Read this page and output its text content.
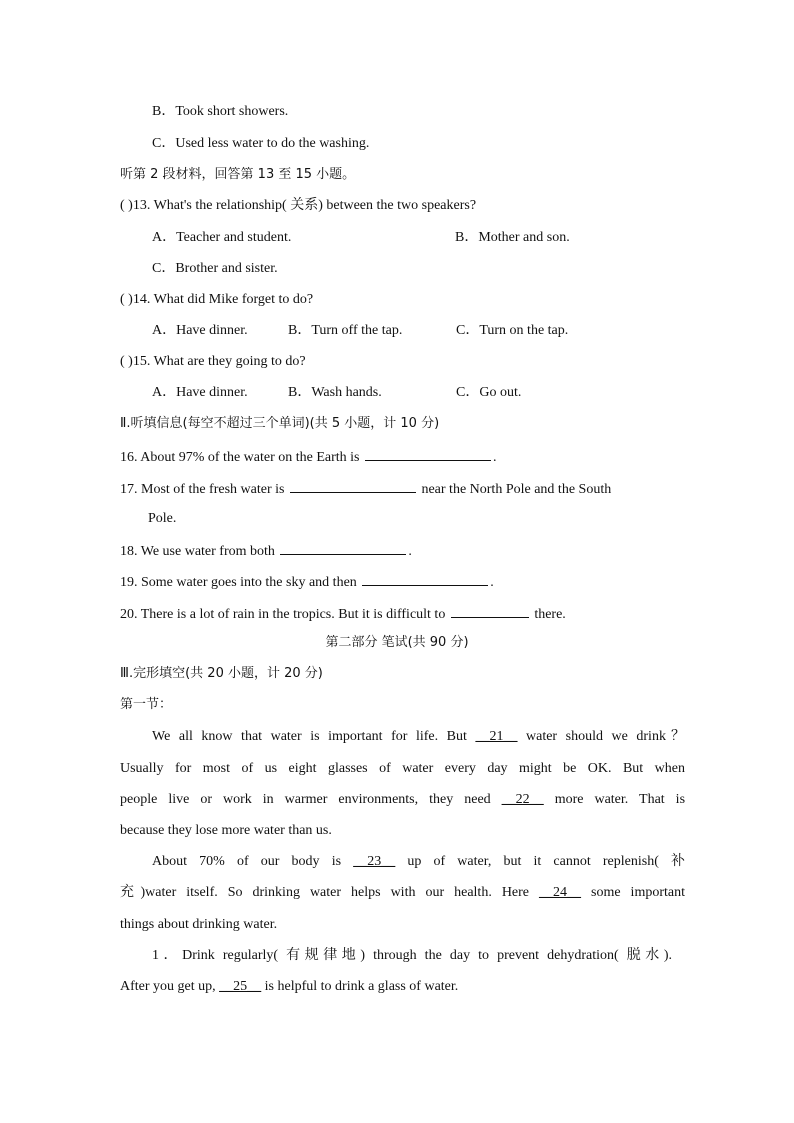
B．Took short showers.
C．Used less water to do the washing.
听第 2 段材料，回答第 13 至 15 小题。
( )13. What's the relationship( 关系) between the two speakers?
A．Teacher and student.	B．Mother and son.
C．Brother and sister.
( )14. What did Mike forget to do?
A．Have dinner.	B．Turn off the tap.	C．Turn on the tap.
( )15. What are they going to do?
A．Have dinner.	B．Wash hands.	C．Go out.
Ⅱ.听填信息(每空不超过三个单词)(共 5 小题，计 10 分)
16. About 97% of the water on the Earth is	.
17. Most of the fresh water is	near the North Pole and the South
Pole.
18. We use water from both	.
19. Some water goes into the sky and then	.
20. There is a lot of rain in the tropics. But it is difficult to	there.
第二部分 笔试(共 90 分)
Ⅲ.完形填空(共 20 小题，计 20 分)
第一节：
We all know that water is important for life. But __21__ water should we drink？
Usually for most of us eight glasses of water every day might be OK. But when
people live or work in warmer environments, they need __22__ more water. That is
because they lose more water than us.
About 70% of our body is __23__ up of water, but it cannot replenish( 补
充)water itself. So drinking water helps with our health. Here __24__ some important
things about drinking water.
1．Drink regularly( 有规律地) through the day to prevent dehydration( 脱水).
After you get up, __25__ is helpful to drink a glass of water.
